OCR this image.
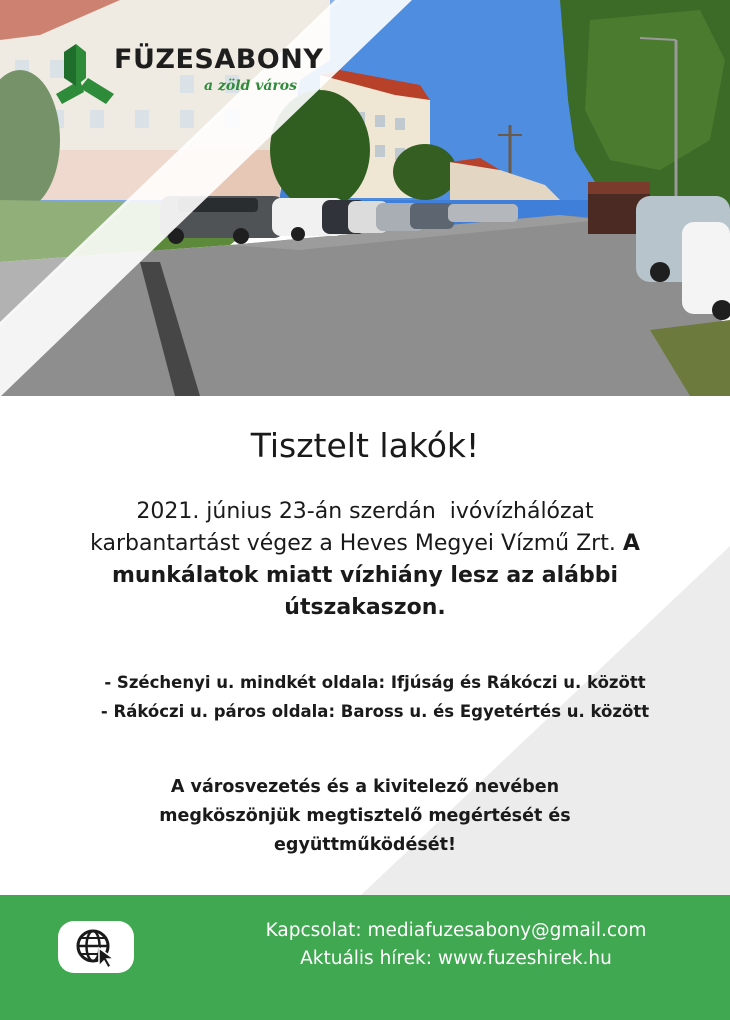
FÜZESABONY
a zöld város
Tisztelt lakók!
2021. június 23-án szerdán  ivóvízhálózat
karbantartást végez a Heves Megyei Vízmű Zrt. A
munkálatok miatt vízhiány lesz az alábbi
útszakaszon.
- Széchenyi u. mindkét oldala: Ifjúság és Rákóczi u. között
- Rákóczi u. páros oldala: Baross u. és Egyetértés u. között
A városvezetés és a kivitelező nevében
megköszönjük megtisztelő megértését és
együttműködését!
Kapcsolat: mediafuzesabony@gmail.com
Aktuális hírek: www.fuzeshirek.hu
